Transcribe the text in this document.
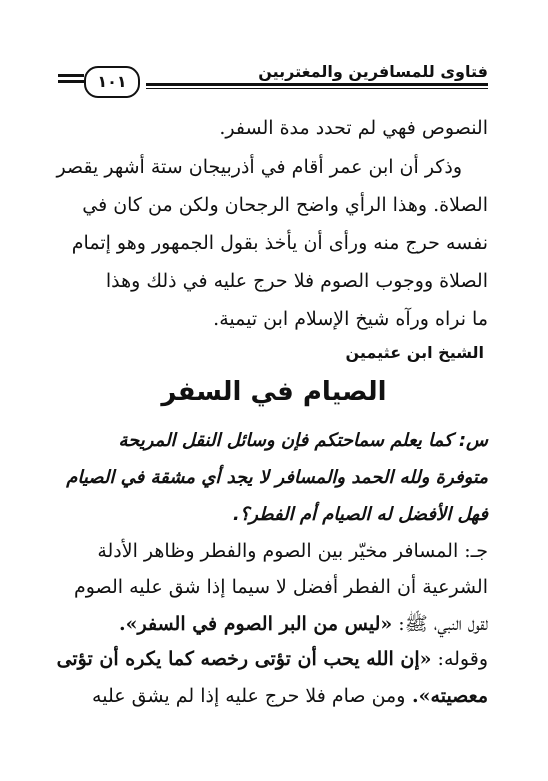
فتاوى للمسافرين والمغتربين
١٠١
النصوص فهي لم تحدد مدة السفر.
وذكر أن ابن عمر أقام في أذربيجان ستة أشهر يقصر
الصلاة. وهذا الرأي واضح الرجحان ولكن من كان في
نفسه حرج منه ورأى أن يأخذ بقول الجمهور وهو إتمام
الصلاة ووجوب الصوم فلا حرج عليه في ذلك وهذا
ما نراه ورآه شيخ الإسلام ابن تيمية.
الشيخ ابن عثيمين
الصيام في السفر
س: كما يعلم سماحتكم فإن وسائل النقل المريحة
متوفرة ولله الحمد والمسافر لا يجد أي مشقة في الصيام
فهل الأفضل له الصيام أم الفطر؟.
جـ: المسافر مخيّر بين الصوم والفطر وظاهر الأدلة
الشرعية أن الفطر أفضل لا سيما إذا شق عليه الصوم
لقول النبي، ﷺ: «ليس من البر الصوم في السفر».
وقوله: «إن الله يحب أن تؤتى رخصه كما يكره أن تؤتى
معصيته». ومن صام فلا حرج عليه إذا لم يشق عليه
